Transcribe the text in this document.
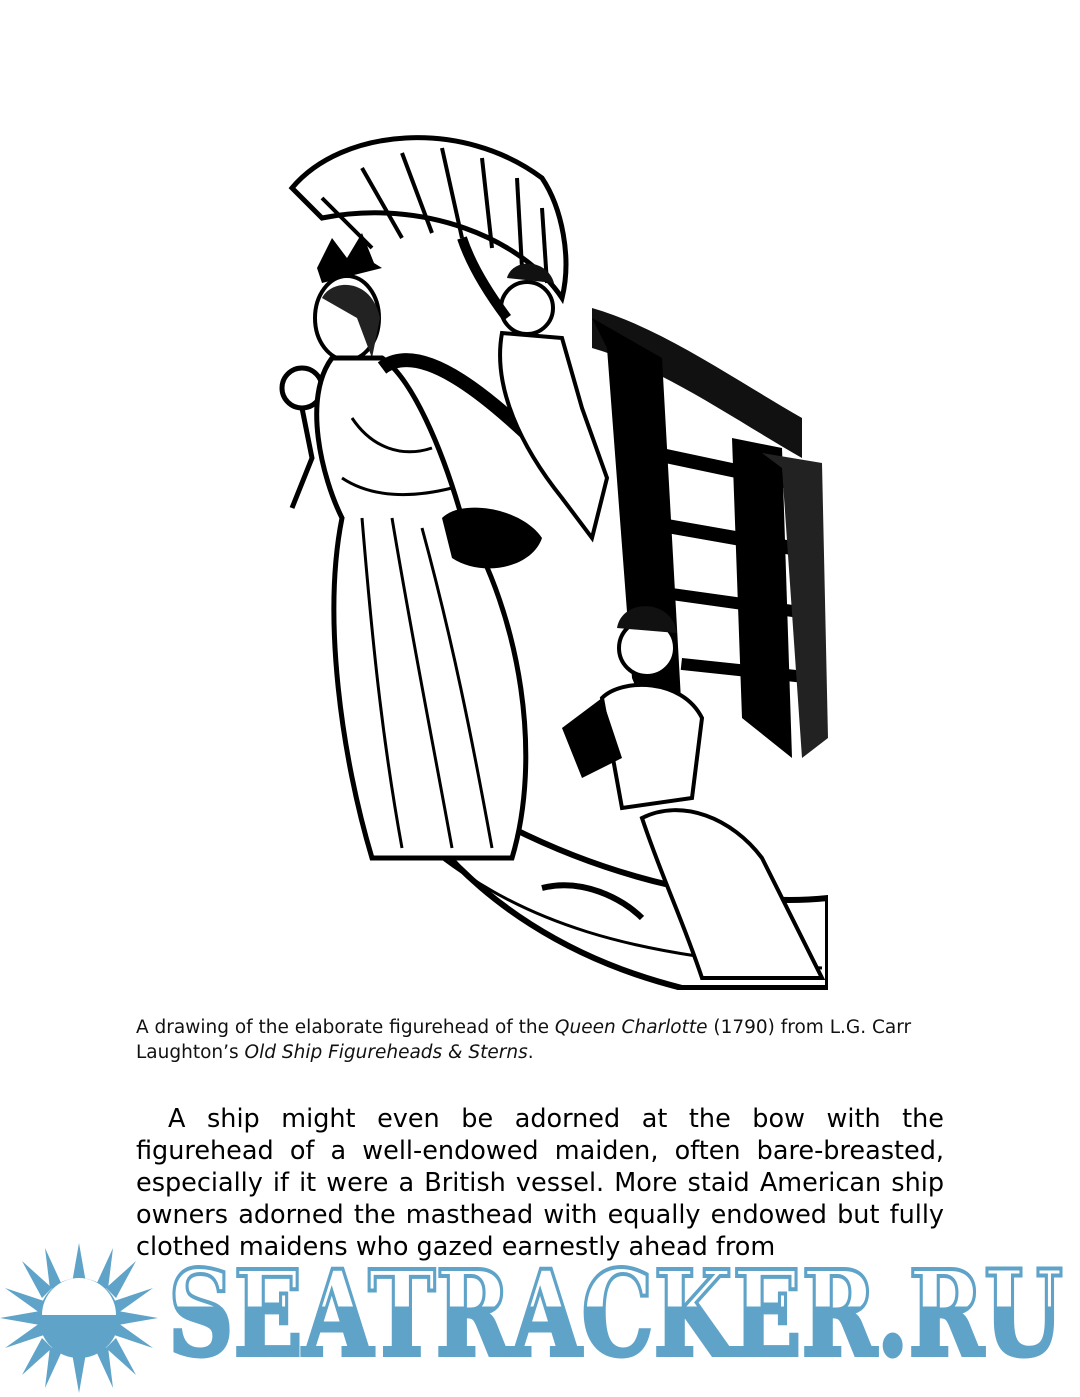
A drawing of the elaborate figurehead of the Queen Charlotte (1790) from L.G. Carr Laughton’s Old Ship Figureheads & Sterns.

A ship might even be adorned at the bow with the figurehead of a well-endowed maiden, often bare-breasted, especially if it were a British vessel. More staid American ship owners adorned the masthead with equally endowed but fully clothed maidens who gazed earnestly ahead from

SEATRACKER.RU
